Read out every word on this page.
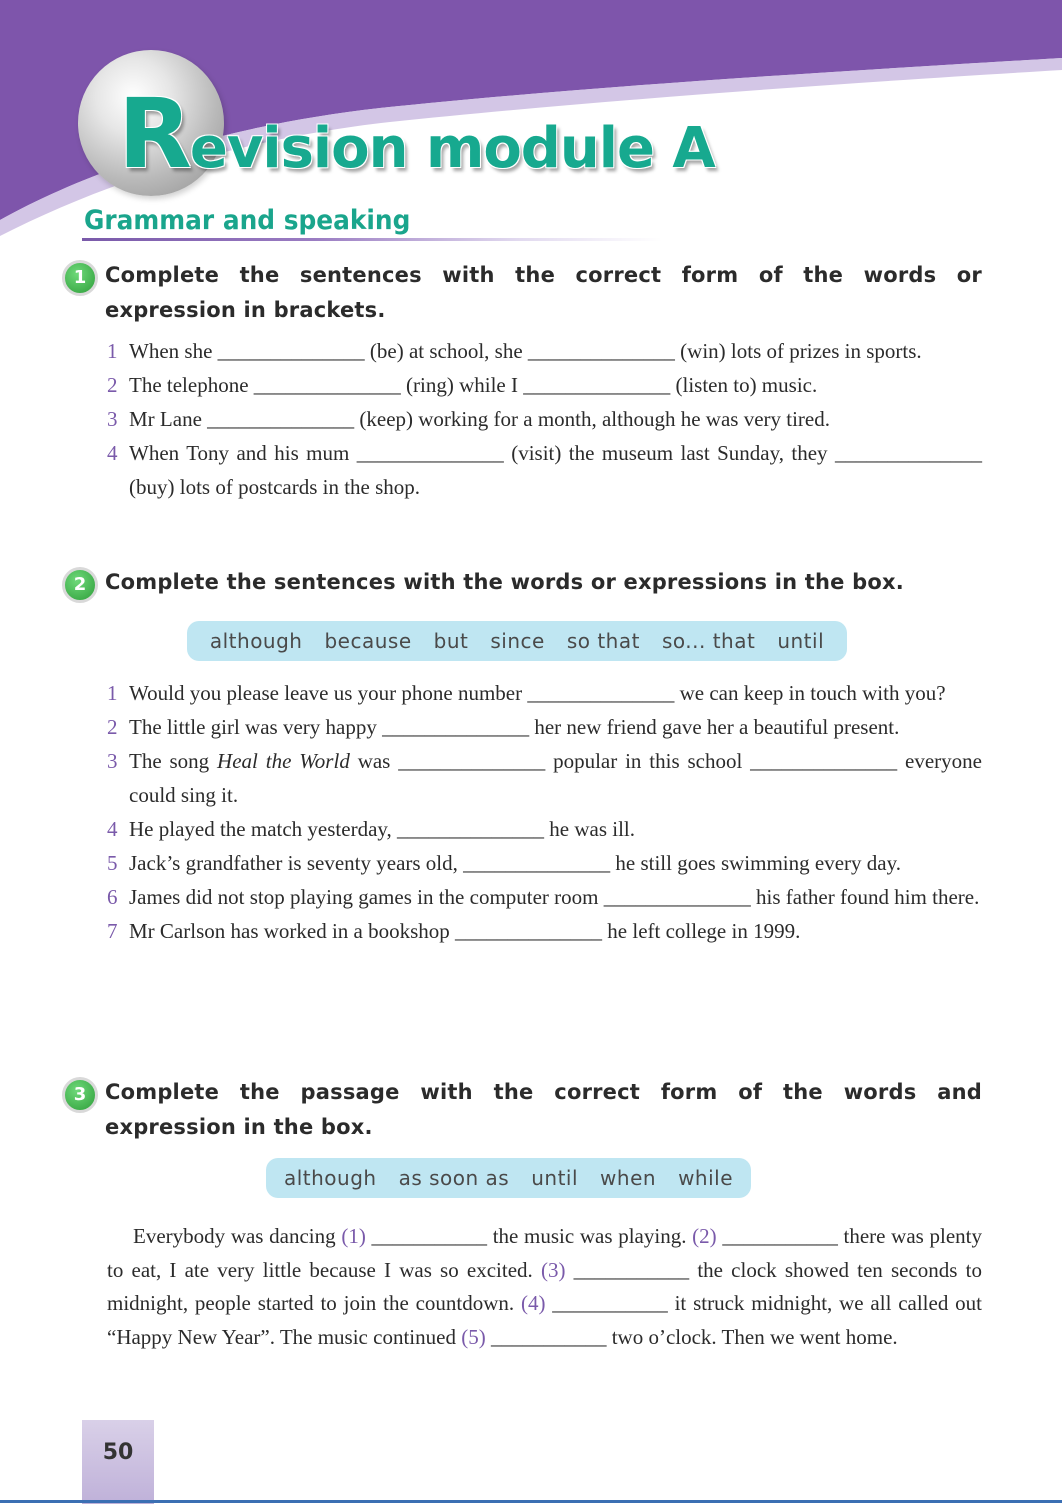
Revision module A
Grammar and speaking
1 Complete the sentences with the correct form of the words or expression in brackets.
1 When she ______________ (be) at school, she ______________ (win) lots of prizes in sports.
2 The telephone ______________ (ring) while I ______________ (listen to) music.
3 Mr Lane ______________ (keep) working for a month, although he was very tired.
4 When Tony and his mum ______________ (visit) the museum last Sunday, they ______________ (buy) lots of postcards in the shop.
2 Complete the sentences with the words or expressions in the box.
although because but since so that so... that until
1 Would you please leave us your phone number ______________ we can keep in touch with you?
2 The little girl was very happy ______________ her new friend gave her a beautiful present.
3 The song Heal the World was ______________ popular in this school ______________ everyone could sing it.
4 He played the match yesterday, ______________ he was ill.
5 Jack’s grandfather is seventy years old, ______________ he still goes swimming every day.
6 James did not stop playing games in the computer room ______________ his father found him there.
7 Mr Carlson has worked in a bookshop ______________ he left college in 1999.
3 Complete the passage with the correct form of the words and expression in the box.
although as soon as until when while
Everybody was dancing (1) ___________ the music was playing. (2) ___________ there was plenty to eat, I ate very little because I was so excited. (3) ___________ the clock showed ten seconds to midnight, people started to join the countdown. (4) ___________ it struck midnight, we all called out “Happy New Year”. The music continued (5) ___________ two o’clock. Then we went home.
50
